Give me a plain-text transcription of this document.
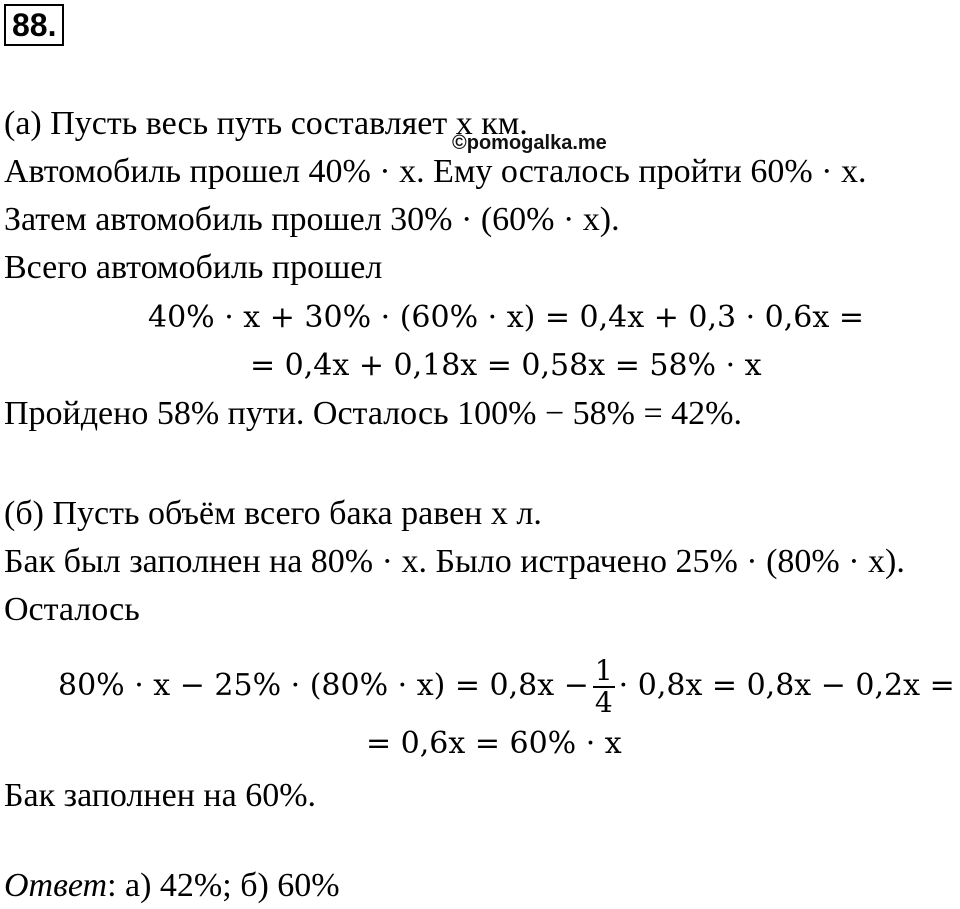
88.
©pomogalka.me
(а) Пусть весь путь составляет x км.
Автомобиль прошел 40% · x. Ему осталось пройти 60% · x.
Затем автомобиль прошел 30% · (60% · x).
Всего автомобиль прошел
40% · x + 30% · (60% · x) = 0,4x + 0,3 · 0,6x =
= 0,4x + 0,18x = 0,58x = 58% · x
Пройдено 58% пути. Осталось 100% − 58% = 42%.
(б) Пусть объём всего бака равен x л.
Бак был заполнен на 80% · x. Было истрачено 25% · (80% · x).
Осталось
$80\% \cdot x - 25\% \cdot (80\% \cdot x) = 0,8x - \frac{1}{4} \cdot 0,8x = 0,8x - 0,2x$ =
= 0,6x = 60% · x
Бак заполнен на 60%.
Ответ: а) 42%; б) 60%
